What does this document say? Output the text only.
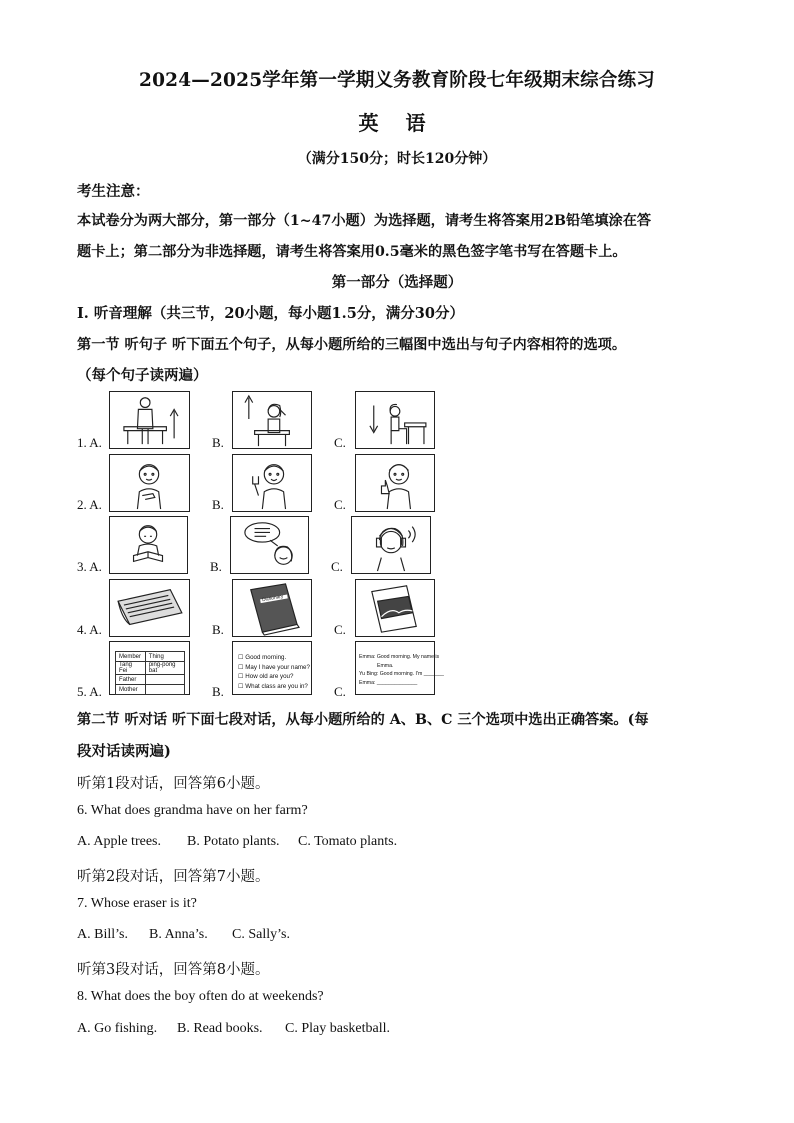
2024—2025学年第一学期义务教育阶段七年级期末综合练习
英 语
（满分150分；时长120分钟）
考生注意：
本试卷分为两大部分，第一部分（1~47小题）为选择题，请考生将答案用2B铅笔填涂在答
题卡上；第二部分为非选择题，请考生将答案用0.5毫米的黑色签字笔书写在答题卡上。
第一部分（选择题）
Ⅰ. 听音理解（共三节，20小题，每小题1.5分，满分30分）
第一节 听句子 听下面五个句子，从每小题所给的三幅图中选出与句子内容相符的选项。
（每个句子读两遍）
1. A.	B.	C.
2. A.	B.	C.
3. A.	B.	C.
4. A.	B.	C.
5. A.	B.	C.
Dictionary
Member	Thing
Tang Fei	ping-pong bat
Father	
Mother	
☐ Good morning.
☐ May I have your name?
☐ How old are you?
☐ What class are you in?
Emma: Good morning. My name is
Emma.
Yu Bing: Good morning. I'm _______
Emma: ______________
第二节 听对话 听下面七段对话，从每小题所给的 A、B、C 三个选项中选出正确答案。(每
段对话读两遍)
听第1段对话，回答第6小题。
6. What does grandma have on her farm?
A. Apple trees. B. Potato plants. C. Tomato plants.
听第2段对话，回答第7小题。
7. Whose eraser is it?
A. Bill’s. B. Anna’s. C. Sally’s.
听第3段对话，回答第8小题。
8. What does the boy often do at weekends?
A. Go fishing. B. Read books. C. Play basketball.
